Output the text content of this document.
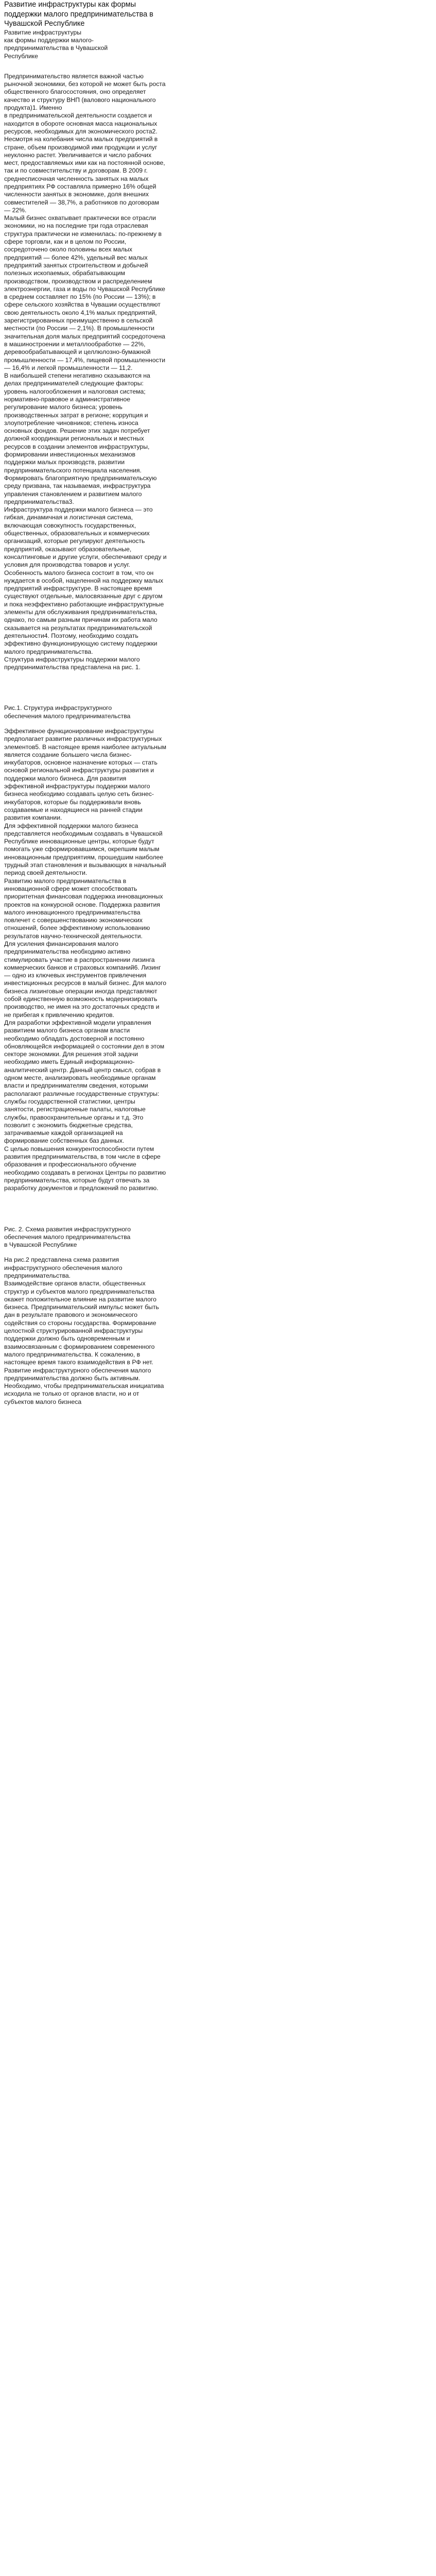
Развитие инфраструктуры как формы поддержки малого предпринимательства в Чувашской Республике

Развитие инфраструктуры
как формы поддержки малого-
предпринимательства в Чувашской
Республике

Предпринимательство является важной частью рыночной экономики, без которой не может быть роста общественного благосостояния, оно определяет качество и структуру ВНП (валового национального продукта)1. Именно
в предпринимательской деятельности создается и находится в обороте основная масса национальных ресурсов, необходимых для экономического роста2. Несмотря на колебания числа малых предприятий в стране, объем производимой ими продукции и услуг неуклонно растет. Увеличивается и число рабочих мест, предоставляемых ими как на постоянной основе, так и по совместительству и договорам. В 2009 г. среднесписочная численность занятых на малых предприятиях РФ составляла примерно 16% общей численности занятых в экономике, доля внешних совместителей — 38,7%, а работников по договорам — 22%.

Малый бизнес охватывает практически все отрасли экономики, но на последние три года отраслевая структура практически не изменилась: по-прежнему в сфере торговли, как и в целом по России, сосредоточено около половины всех малых предприятий — более 42%, удельный вес малых предприятий занятых строительством и добычей полезных ископаемых, обрабатывающим производством, производством и распределением электроэнергии, газа и воды по Чувашской Республике в среднем составляет по 15% (по России — 13%); в сфере сельского хозяйства в Чувашии осуществляют свою деятельность около 4,1% малых предприятий, зарегистрированных преимущественно в сельской местности (по России — 2,1%). В промышленности значительная доля малых предприятий сосредоточена в машиностроении и металлообработке — 22%, деревообрабатывающей и целлюлозно-бумажной промышленности — 17,4%, пищевой промышленности — 16,4% и легкой промышленности — 11,2.

В наибольшей степени негативно сказываются на делах предпринимателей следующие факторы: уровень налогообложения и налоговая система; нормативно-правовое и административное регулирование малого бизнеса; уровень производственных затрат в регионе; коррупция и злоупотребление чиновников; степень износа основных фондов. Решение этих задач потребует должной координации региональных и местных ресурсов в создании элементов инфраструктуры, формировании инвестиционных механизмов поддержки малых производств, развитии предпринимательского потенциала населения.

Формировать благоприятную предпринимательскую среду призвана, так называемая, инфраструктура управления становлением и развитием малого предпринимательства3.

Инфраструктура поддержки малого бизнеса — это гибкая, динамичная и логистичная система, включающая совокупность государственных, общественных, образовательных и коммерческих организаций, которые регулируют деятельность предприятий, оказывают образовательные, консалтинговые и другие услуги, обеспечивают среду и условия для производства товаров и услуг.

Особенность малого бизнеса состоит в том, что он нуждается в особой, нацеленной на поддержку малых предприятий инфраструктуре. В настоящее время существуют отдельные, малосвязанные друг с другом и пока неэффективно работающие инфраструктурные элементы для обслуживания предпринимательства, однако, по самым разным причинам их работа мало сказывается на результатах предпринимательской деятельности4. Поэтому, необходимо создать эффективно функционирующую систему поддержки малого предпринимательства.

Структура инфраструктуры поддержки малого предпринимательства представлена на рис. 1.

Рис.1. Структура инфраструктурного
обеспечения малого предпринимательства

Эффективное функционирование инфраструктуры предполагает развитие различных инфраструктурных элементов5. В настоящее время наиболее актуальным является создание большего числа бизнес-инкубаторов, основное назначение которых — стать основой региональной инфраструктуры развития и поддержки малого бизнеса. Для развития эффективной инфраструктуры поддержки малого бизнеса необходимо создавать целую сеть бизнес-инкубаторов, которые бы поддерживали вновь создаваемые и находящиеся на ранней стадии развития компании.

Для эффективной поддержки малого бизнеса представляется необходимым создавать в Чувашской Республике инновационные центры, которые будут помогать уже сформировавшимся, окрепшим малым инновационным предприятиям, прошедшим наиболее трудный этап становления и вызывающих в начальный период своей деятельности.

Развитию малого предпринимательства в инновационной сфере может способствовать приоритетная финансовая поддержка инновационных проектов на конкурсной основе. Поддержка развития малого инновационного предпринимательства повлечет с совершенствованию экономических отношений, более эффективному использованию результатов научно-технической деятельности.

Для усиления финансирования малого предпринимательства необходимо активно стимулировать участие в распространении лизинга коммерческих банков и страховых компаний6. Лизинг — одно из ключевых инструментов привлечения инвестиционных ресурсов в малый бизнес. Для малого бизнеса лизинговые операции иногда представляют собой единственную возможность модернизировать производство, не имея на это достаточных средств и не прибегая к привлечению кредитов.

Для разработки эффективной модели управления развитием малого бизнеса органам власти необходимо обладать достоверной и постоянно обновляющейся информацией о состоянии дел в этом секторе экономики. Для решения этой задачи необходимо иметь Единый информационно-аналитический центр. Данный центр смысл, собрав в одном месте, анализировать необходимые органам власти и предпринимателям сведения, которыми располагают различные государственные структуры: службы государственной статистики, центры занятости, регистрационные палаты, налоговые службы, правоохранительные органы и т.д. Это позволит с экономить бюджетные средства, затрачиваемые каждой организацией на формирование собственных баз данных.

С целью повышения конкурентоспособности путем развития предпринимательства, в том числе в сфере образования и профессионального обучение необходимо создавать в регионах Центры по развитию предпринимательства, которые будут отвечать за разработку документов и предложений по развитию.

Рис. 2. Схема развития инфраструктурного
обеспечения малого предпринимательства
в Чувашской Республике

На рис.2 представлена схема развития инфраструктурного обеспечения малого предпринимательства.

Взаимодействие органов власти, общественных структур и субъектов малого предпринимательства окажет положительное влияние на развитие малого бизнеса. Предпринимательский импульс может быть дан в результате правового и экономического содействия со стороны государства. Формирование целостной структурированной инфраструктуры поддержки должно быть одновременным и взаимосвязанным с формированием современного малого предпринимательства. К сожалению, в настоящее время такого взаимодействия в РФ нет.

Развитие инфраструктурного обеспечения малого предпринимательства должно быть активным. Необходимо, чтобы предпринимательская инициатива исходила не только от органов власти, но и от субъектов малого бизнеса
